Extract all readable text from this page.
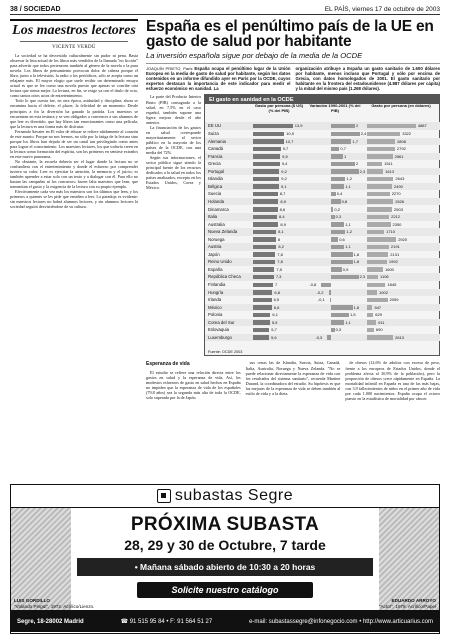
38 / SOCIEDAD	EL PAÍS, viernes 17 de octubre de 2003
Los maestros lectores
VICENTE VERDÚ

La sociedad se ha desvestido culturalmente sin pudor ni pena. Basta observar la lista actual de los libros más vendidos de la llamada "no ficción" para advertir que todos pertenecen también al género de la novela o la pura novela. Los libros de pensamiento provocan dolor de cabeza porque el libro, junto a la televisión, la radio o los periódicos, sólo se acepta como un relajante más. El mayor elogio que suele recibir un determinado ensayo actual es que se lee como una novela puesto que apenas se concibe otra lectura que sienta mejor. La lectura, en fin, se exige ya con el título de ocio, como tantos otros actos de entretenimiento.

Todo lo que cuesta fue, en otra época, asiduidad y disciplina; ahora se encamina hacia el deleite, el placer, la felicidad de un momento. Desde principios a fin la diversión ha ganado la partida. Los maestros se encuentran en esta tesitura y se ven obligados a convencer a sus alumnos de que leer es divertido, que hay libros tan emocionantes como una película, que la lectura es una forma más de disfrutar.

Fernando Savater en El valor de educar se refiere nítidamente al corazón de este asunto. Porque no nos leemos, no sólo por la fatiga de la lectura sino porque los libros han dejado de ser un canal tan privilegiado como antes para lograr el conocimiento. Los maestros lectores, los que todavía creen en la lectura como formación del espíritu, son los primeros en sentirse extraños en este nuevo panorama.

No obstante, la escuela debería ser el lugar donde la lectura no se confundiera con el entretenimiento y donde el esfuerzo por comprender tuviera su valor. Leer es ejercitar la atención, la memoria y el juicio; es también aprender a estar solo con un texto y a dialogar con él. Para ello no bastan las campañas ni los concursos: hacen falta maestros que lean, que transmitan el gusto y la exigencia de la lectura con su propio ejemplo.

Efectivamente cada vez más los maestros son los últimos que leen, y los primeros a quienes se les pide que enseñen a leer. La paradoja es evidente: sin maestros lectores no habrá alumnos lectores, y sin alumnos lectores la sociedad seguirá desvistiéndose de su cultura.

España es el penúltimo país de la UE en gasto de salud por habitante
La inversión española sigue por debajo de la media de la OCDE
JOAQUÍN PRIETO, París España ocupa el penúltimo lugar de la Unión Europea en la media de gasto de salud por habitante, según los datos contenidos en un informe difundido ayer en París por la OCDE, cuyos expertos destacan la importancia de este indicador para medir el esfuerzo económico en sanidad. La
organización atribuye a España un gasto sanitario de 1.600 dólares por habitante, menos incluso que Portugal y sólo por encima de Grecia, con datos homologados de 2001. El gasto sanitario por habitante en la frontera del estadounidense (4.887 dólares per cápita) y la mitad del mismo país (1.268 dólares).

La parte del Producto Interior Bruto (PIB) consagrada a la salud, en 7,5% en el caso español, también supone una ligera mejora desde el año anterior.

La financiación de los gastos en salud corresponde mayoritariamente al sector público en la mayoría de los países de la OCDE, con una media del 72%.

Según sus informaciones, el sector público sigue siendo la principal fuente de los recursos dedicados a la salud en todos los países analizados, excepto en los Estados Unidos, Corea y México.

El gasto en sanidad en la OCDE
Gasto por persona ($ US) (% del PIB)
Variación 1990-2001 (% del PIB)
Gasto por persona (en dólares)
EE UU	13,9	2	4887
Suiza	10,9	2,4	3322
Alemania	10,7	1,7	2808
Canadá	9,7	0,7	2792
Francia	9,5	1	2561
Grecia	9,4	2	1511
Portugal	9,2	2,3	1613
Islandia	9,2	1,2	2643
Bélgica	9,1	1,1	2490
Suecia	8,7	0,4	2270
Holanda	8,9	0,8	2626
Dinamarca	8,6	0,2	2503
Italia	8,4	0,3	2212
Australia	8,9	1,1	2350
Nueva Zelanda	8,1	1,2	1710
Noruega	8	0,6	2920
Austria	8,2	1,1	2191
Japón	7,8	1,8	2131
Reino Unido	7,8	1,8	1992
España	7,5	0,9	1600
República Checa	7,3	2,3	1106
Finlandia	7	-0,8	1845
Hungría	6,8	-0,2	1002
Irlanda	6,5	-0,1	2059
México	6,6	1,8	547
Polonia	6,1	1,5	629
Corea del Sur	5,9	1,1	911
Eslovaquia	5,7	0,3	690
Luxemburgo	5,6	-0,3	2613
Fuente: OCDE 2003
Esperanza de vida

El estudio se refiere una relación directa entre los gastos en salud y la esperanza de vida. Así, los modestos esfuerzos de gasto en salud hechos en España no impiden que la esperanza de vida de los españoles (79,8 años) sea la segunda más alta de toda la OCDE, solo superada por la de Japón.

sus cenas las de Islandia, Suecia, Suiza, Canadá, Italia, Australia, Noruega y Nueva Zelanda. "No se puede relacionar directamente la esperanza de vida con los resultados del sistema sanitario", recuerda Martine Durand, la coordinadora del estudio. Su hipótesis es que las mejoras de la esperanza de vida se deben también al estilo de vida y a la dieta.

de obesos (12,6% de adultos con exceso de peso, frente a los europeos de Estados Unidos, donde el problema afecta al 30,9% de la población), pero la proporción de obesos crece rápidamente en España. La mortalidad infantil en España es una de las más bajas, con 3,9 fallecimientos de niños en el primer año de vida por cada 1.000 nacimientos. España ocupa el octavo puesto en la estadística de mortalidad por cáncer.

subastas Segre
PRÓXIMA SUBASTA
28, 29 y 30 de Octubre, 7 tarde
• Mañana sábado abierto de 10:30 a 20 horas
Solicite nuestro catálogo
LUIS GORDILLO
"Volando Pingüí", 1972. Acrílico/Lienzo.
EDUARDO ARROYO
"Actor", 1978. Acrílico/Papel
Segre, 18-28002 Madrid	☎ 91 515 95 84 • F: 91 564 51 27	e-mail: subastassegre@infonegocio.com • http://www.articuarius.com
